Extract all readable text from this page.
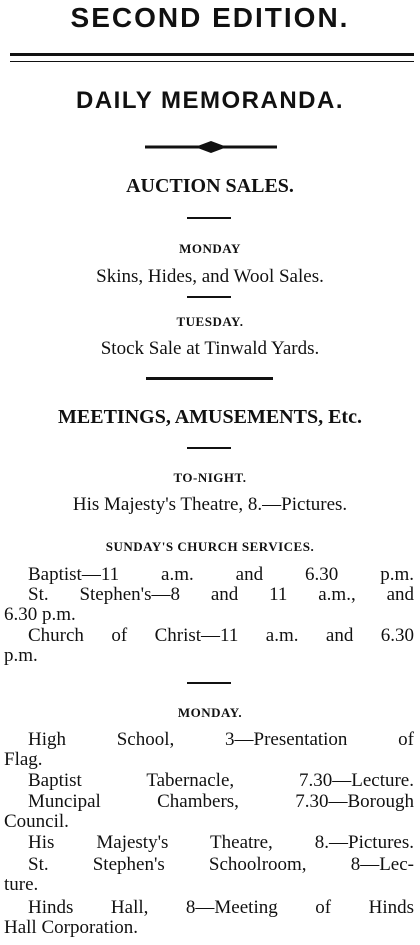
SECOND EDITION.
DAILY MEMORANDA.
AUCTION SALES.
MONDAY
Skins, Hides, and Wool Sales.
TUESDAY.
Stock Sale at Tinwald Yards.
MEETINGS, AMUSEMENTS, Etc.
TO-NIGHT.
His Majesty's Theatre, 8.—Pictures.
SUNDAY'S CHURCH SERVICES.
Baptist—11 a.m. and 6.30 p.m.
St. Stephen's—8 and 11 a.m., and
6.30 p.m.
Church of Christ—11 a.m. and 6.30
p.m.
MONDAY.
High School, 3—Presentation of
Flag.
Baptist Tabernacle, 7.30—Lecture.
Muncipal Chambers, 7.30—Borough
Council.
His Majesty's Theatre, 8.—Pictures.
St. Stephen's Schoolroom, 8—Lec-
ture.
Hinds Hall, 8—Meeting of Hinds
Hall Corporation.
